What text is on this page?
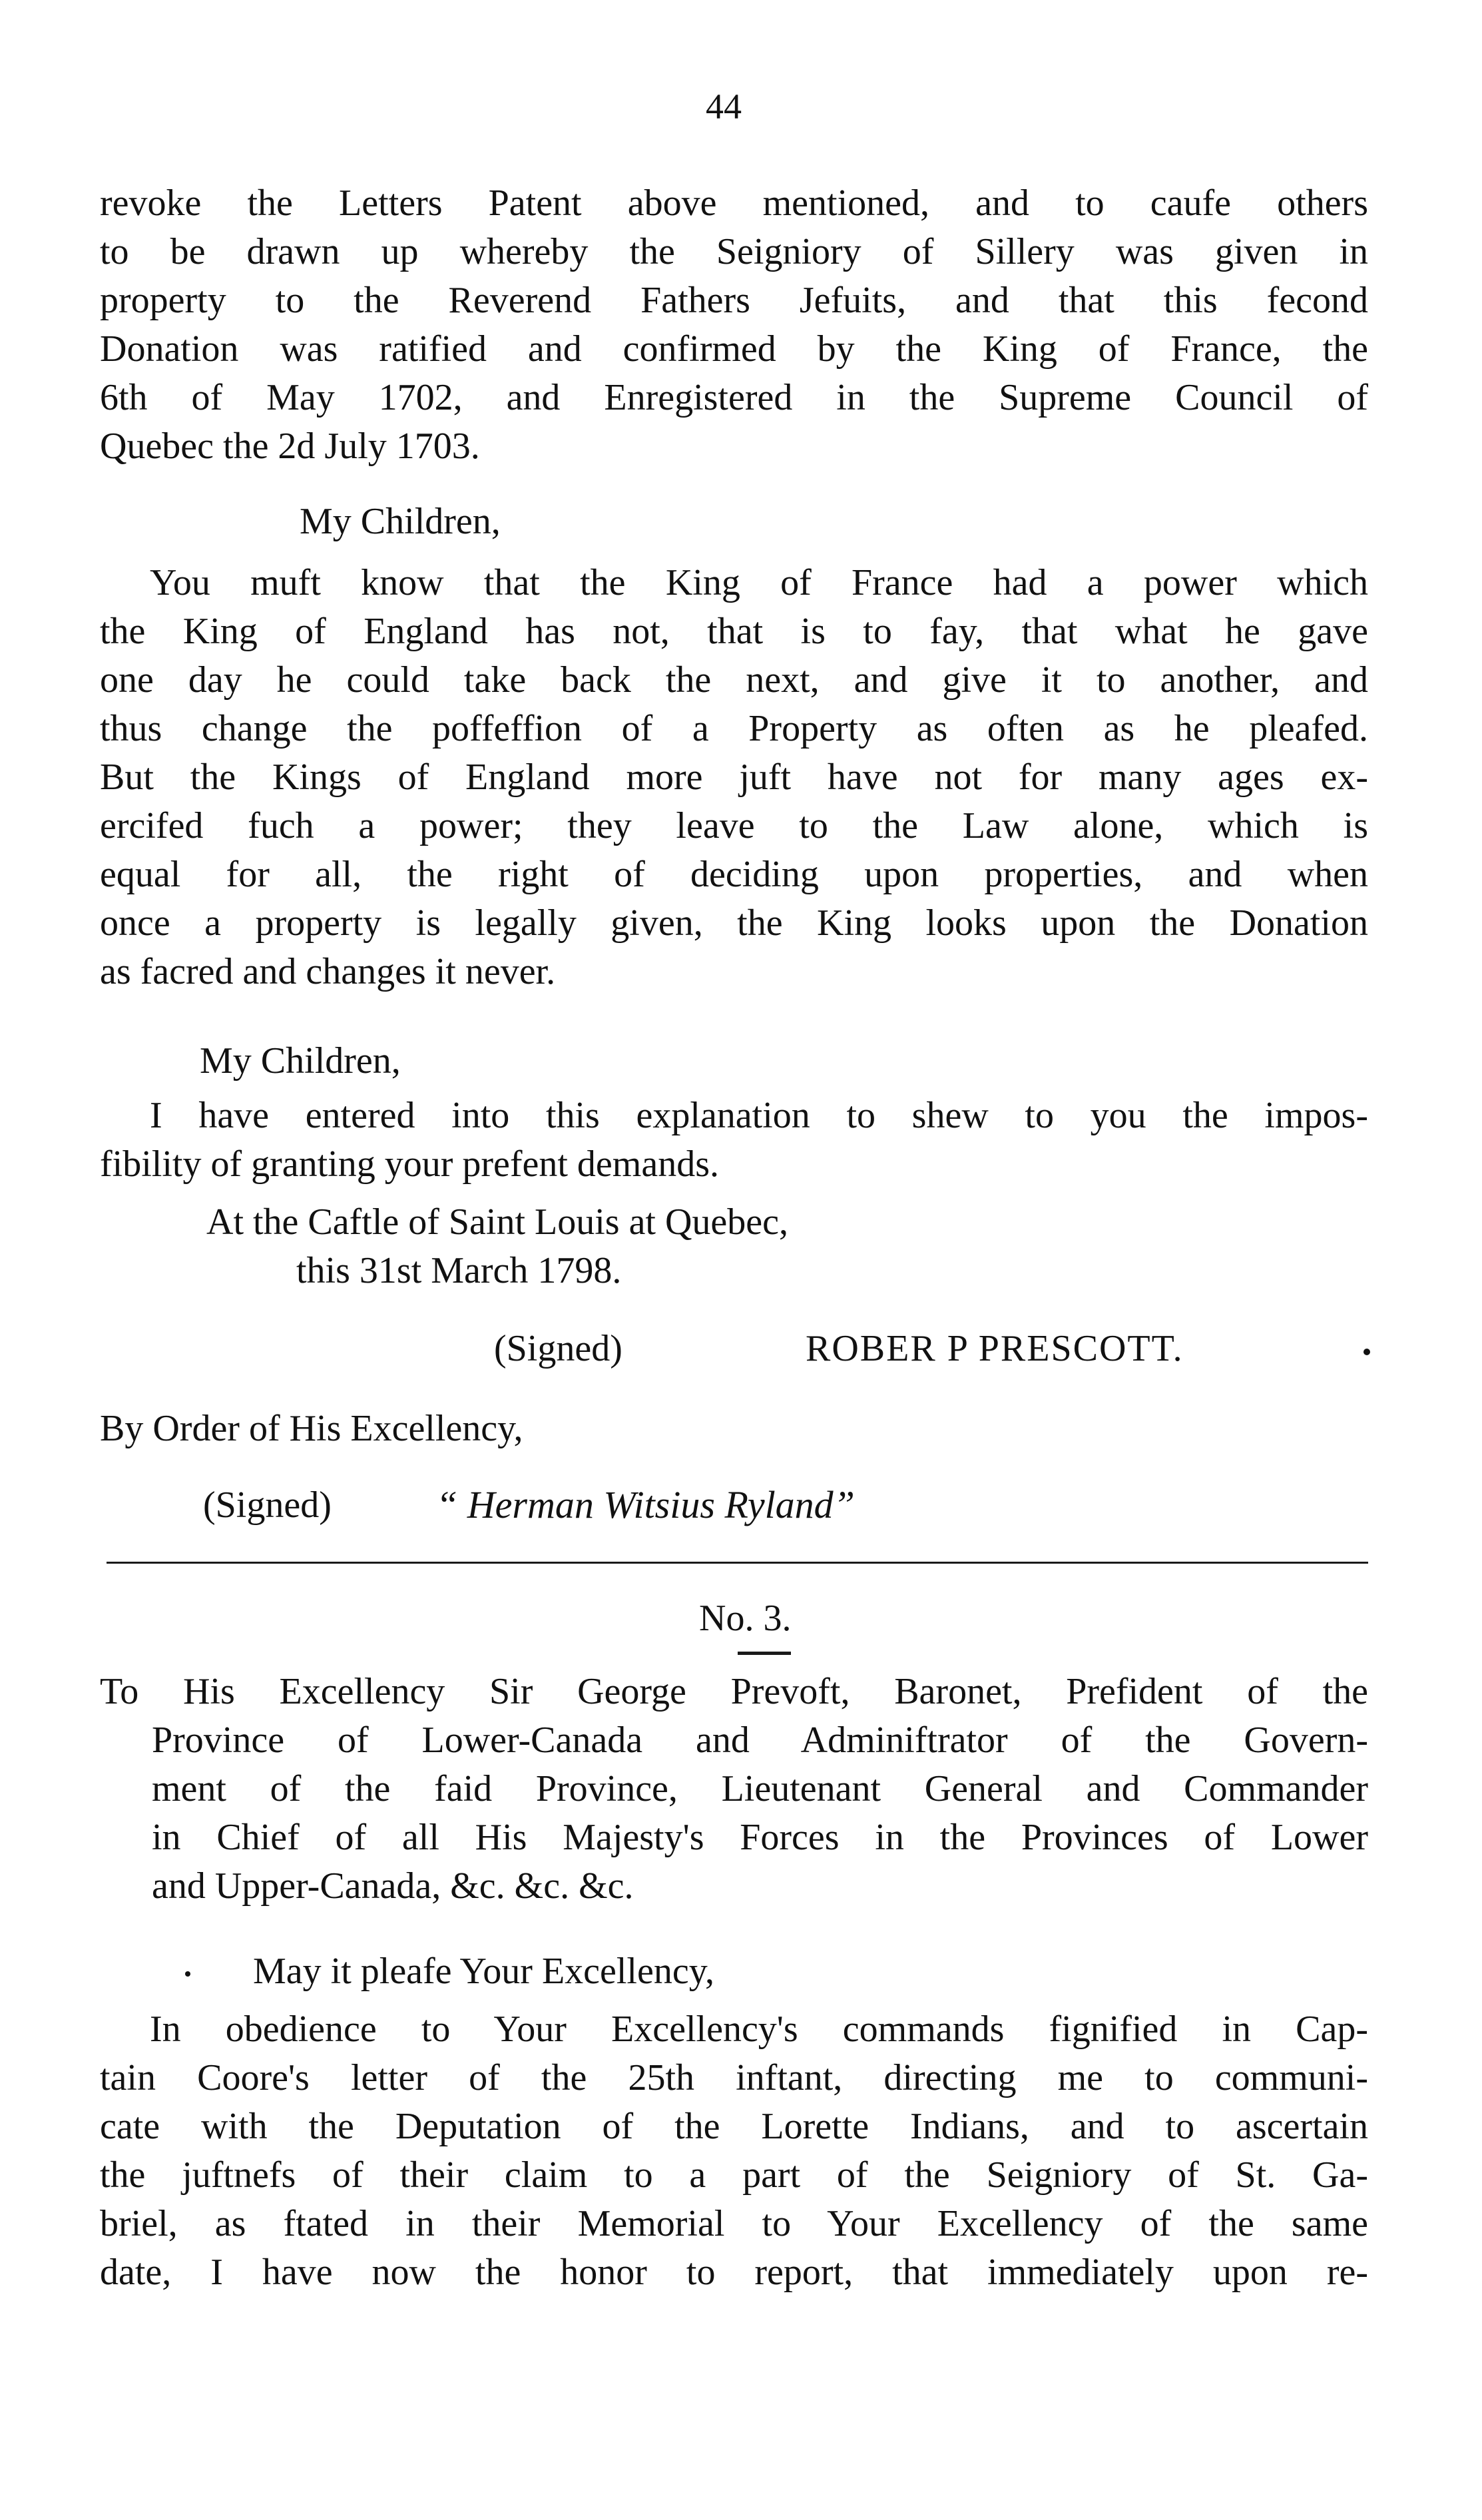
44
revoke the Letters Patent above mentioned, and to caufe others
to be drawn up whereby the Seigniory of Sillery was given in
property to the Reverend Fathers Jefuits, and that this fecond
Donation was ratified and confirmed by the King of France, the
6th of May 1702, and Enregistered in the Supreme Council of
Quebec the 2d July 1703.
My Children,
You muft know that the King of France had a power which
the King of England has not, that is to fay, that what he gave
one day he could take back the next, and give it to another, and
thus change the poffeffion of a Property as often as he pleafed.
But the Kings of England more juft have not for many ages ex-
ercifed fuch a power; they leave to the Law alone, which is
equal for all, the right of deciding upon properties, and when
once a property is legally given, the King looks upon the Donation
as facred and changes it never.
My Children,
I have entered into this explanation to shew to you the impos-
fibility of granting your prefent demands.
At the Caftle of Saint Louis at Quebec,
this 31st March 1798.
(Signed)	ROBER P PRESCOTT.
By Order of His Excellency,
(Signed)	“ Herman Witsius Ryland”
No. 3.
To His Excellency Sir George Prevoft, Baronet, Prefident of the
Province of Lower-Canada and Adminiftrator of the Govern-
ment of the faid Province, Lieutenant General and Commander
in Chief of all His Majesty's Forces in the Provinces of Lower
and Upper-Canada, &c. &c. &c.
May it pleafe Your Excellency,
In obedience to Your Excellency's commands fignified in Cap-
tain Coore's letter of the 25th inftant, directing me to communi-
cate with the Deputation of the Lorette Indians, and to ascertain
the juftnefs of their claim to a part of the Seigniory of St. Ga-
briel, as ftated in their Memorial to Your Excellency of the same
date, I have now the honor to report, that immediately upon re-
